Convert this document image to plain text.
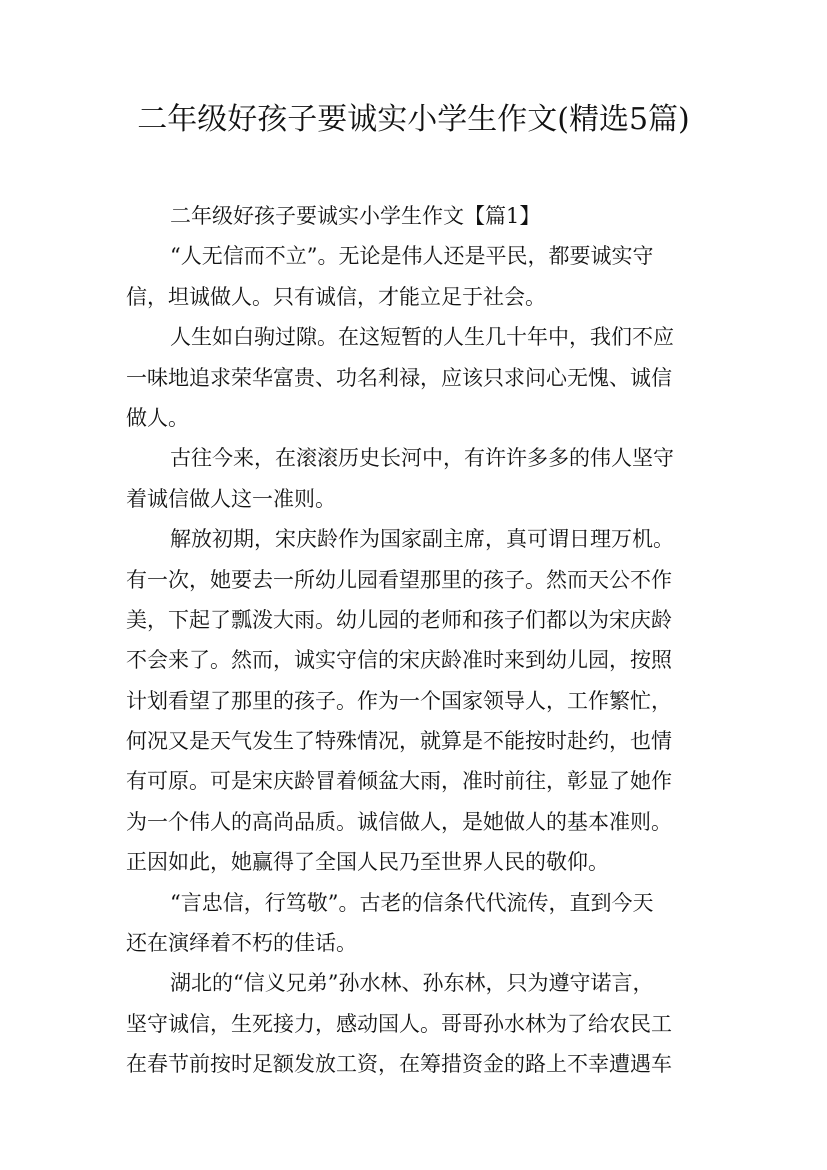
二年级好孩子要诚实小学生作文(精选5篇)
二年级好孩子要诚实小学生作文【篇1】
“人无信而不立”。无论是伟人还是平民，都要诚实守
信，坦诚做人。只有诚信，才能立足于社会。
人生如白驹过隙。在这短暂的人生几十年中，我们不应
一味地追求荣华富贵、功名利禄，应该只求问心无愧、诚信
做人。
古往今来，在滚滚历史长河中，有许许多多的伟人坚守
着诚信做人这一准则。
解放初期，宋庆龄作为国家副主席，真可谓日理万机。
有一次，她要去一所幼儿园看望那里的孩子。然而天公不作
美，下起了瓢泼大雨。幼儿园的老师和孩子们都以为宋庆龄
不会来了。然而，诚实守信的宋庆龄准时来到幼儿园，按照
计划看望了那里的孩子。作为一个国家领导人，工作繁忙，
何况又是天气发生了特殊情况，就算是不能按时赴约，也情
有可原。可是宋庆龄冒着倾盆大雨，准时前往，彰显了她作
为一个伟人的高尚品质。诚信做人，是她做人的基本准则。
正因如此，她赢得了全国人民乃至世界人民的敬仰。
“言忠信，行笃敬”。古老的信条代代流传，直到今天
还在演绎着不朽的佳话。
湖北的“信义兄弟”孙水林、孙东林，只为遵守诺言，
坚守诚信，生死接力，感动国人。哥哥孙水林为了给农民工
在春节前按时足额发放工资，在筹措资金的路上不幸遭遇车
